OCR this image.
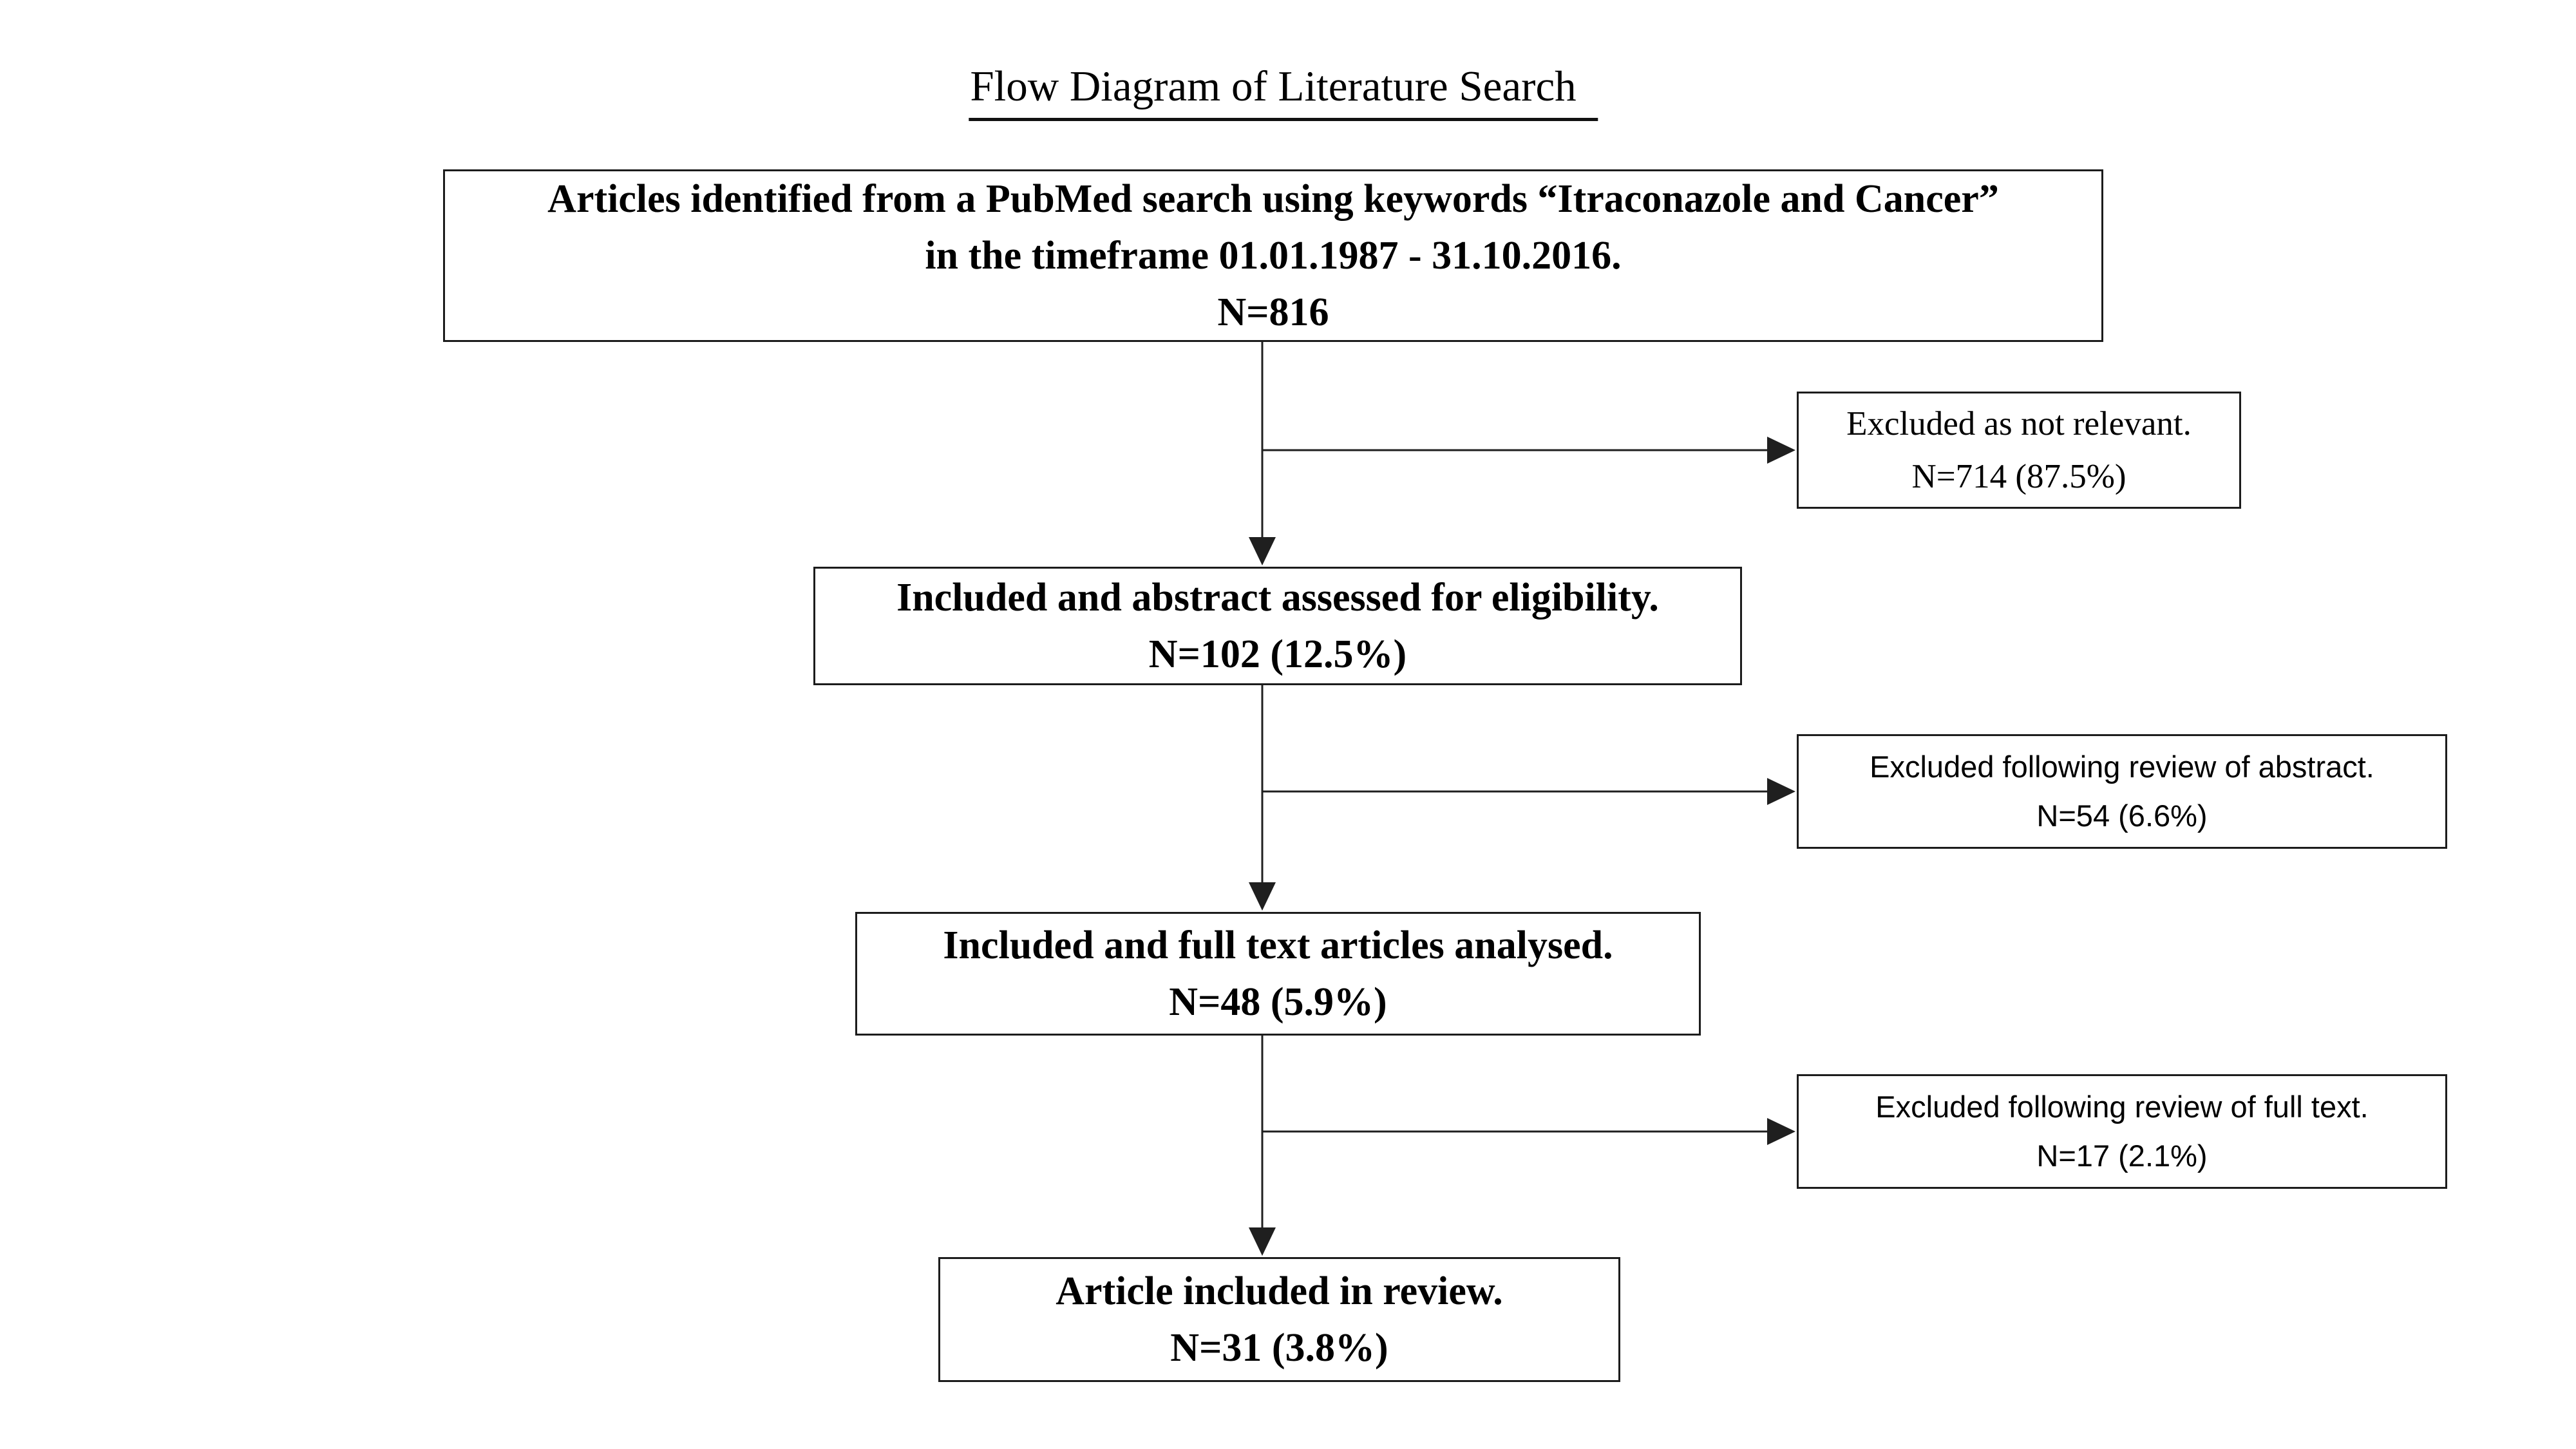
Flow Diagram of Literature Search
Articles identified from a PubMed search using keywords “Itraconazole and Cancer”
in the timeframe 01.01.1987 - 31.10.2016.
N=816
Included and abstract assessed for eligibility.
N=102 (12.5%)
Included and full text articles analysed.
N=48 (5.9%)
Article included in review.
N=31 (3.8%)
Excluded as not relevant.
N=714 (87.5%)
Excluded following review of abstract.
N=54 (6.6%)
Excluded following review of full text.
N=17 (2.1%)
